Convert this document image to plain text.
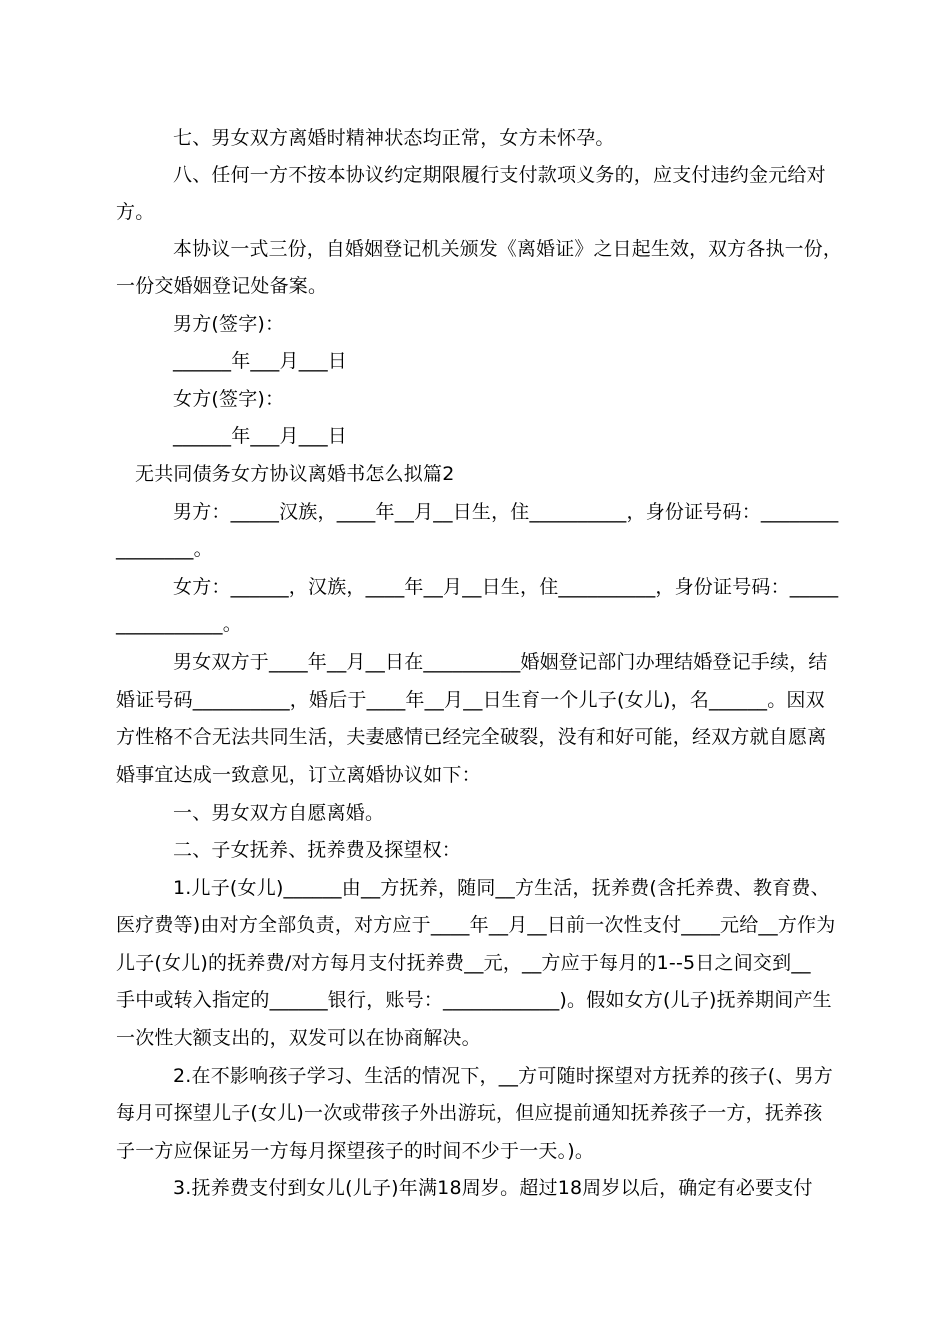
七、男女双方离婚时精神状态均正常，女方未怀孕。
八、任何一方不按本协议约定期限履行支付款项义务的，应支付违约金元给对
方。
本协议一式三份，自婚姻登记机关颁发《离婚证》之日起生效，双方各执一份，
一份交婚姻登记处备案。
男方(签字)：
______年___月___日
女方(签字)：
______年___月___日
无共同债务女方协议离婚书怎么拟篇2
男方：_____汉族，____年__月__日生，住__________，身份证号码：________
________。
女方：______，汉族，____年__月__日生，住__________，身份证号码：_____
___________。
男女双方于____年__月__日在__________婚姻登记部门办理结婚登记手续，结
婚证号码__________，婚后于____年__月__日生育一个儿子(女儿)，名______。因双
方性格不合无法共同生活，夫妻感情已经完全破裂，没有和好可能，经双方就自愿离
婚事宜达成一致意见，订立离婚协议如下：
一、男女双方自愿离婚。
二、子女抚养、抚养费及探望权：
1.儿子(女儿)______由__方抚养，随同__方生活，抚养费(含托养费、教育费、
医疗费等)由对方全部负责，对方应于____年__月__日前一次性支付____元给__方作为
儿子(女儿)的抚养费/对方每月支付抚养费__元，__方应于每月的1--5日之间交到__
手中或转入指定的______银行，账号：____________)。假如女方(儿子)抚养期间产生
一次性大额支出的，双发可以在协商解决。
2.在不影响孩子学习、生活的情况下，__方可随时探望对方抚养的孩子(、男方
每月可探望儿子(女儿)一次或带孩子外出游玩，但应提前通知抚养孩子一方，抚养孩
子一方应保证另一方每月探望孩子的时间不少于一天。)。
3.抚养费支付到女儿(儿子)年满18周岁。超过18周岁以后，确定有必要支付
